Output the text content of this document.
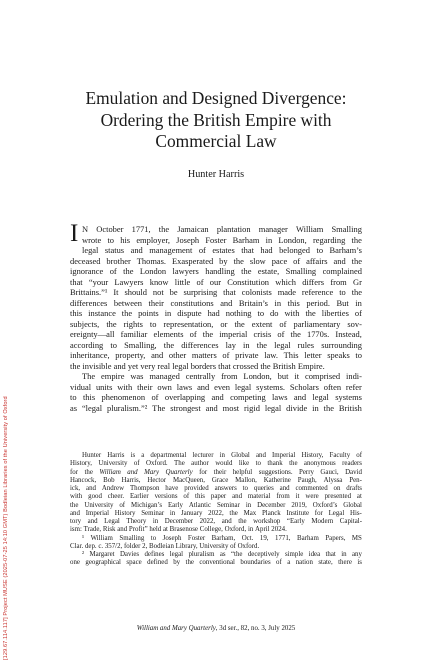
[129.67.114.117] Project MUSE (2025-07-25 14:10 GMT) Bodleian Libraries of the University of Oxford
Emulation and Designed Divergence:
Ordering the British Empire with
Commercial Law
Hunter Harris
I N October 1771, the Jamaican plantation manager William Smalling
wrote to his employer, Joseph Foster Barham in London, regarding the
legal status and management of estates that had belonged to Barham’s
deceased brother Thomas. Exasperated by the slow pace of affairs and the
ignorance of the London lawyers handling the estate, Smalling complained
that “your Lawyers know little of our Constitution which differs from Gr
Brittains.”¹ It should not be surprising that colonists made reference to the
differences between their constitutions and Britain’s in this period. But in
this instance the points in dispute had nothing to do with the liberties of
subjects, the rights to representation, or the extent of parliamentary sov-
ereignty—all familiar elements of the imperial crisis of the 1770s. Instead,
according to Smalling, the differences lay in the legal rules surrounding
inheritance, property, and other matters of private law. This letter speaks to
the invisible and yet very real legal borders that crossed the British Empire.
The empire was managed centrally from London, but it comprised indi-
vidual units with their own laws and even legal systems. Scholars often refer
to this phenomenon of overlapping and competing laws and legal systems
as “legal pluralism.”² The strongest and most rigid legal divide in the British
Hunter Harris is a departmental lecturer in Global and Imperial History, Faculty of
History, University of Oxford. The author would like to thank the anonymous readers
for the William and Mary Quarterly for their helpful suggestions. Perry Gauci, David
Hancock, Bob Harris, Hector MacQueen, Grace Mallon, Katherine Paugh, Alyssa Pen-
ick, and Andrew Thompson have provided answers to queries and commented on drafts
with good cheer. Earlier versions of this paper and material from it were presented at
the University of Michigan’s Early Atlantic Seminar in December 2019, Oxford’s Global
and Imperial History Seminar in January 2022, the Max Planck Institute for Legal His-
tory and Legal Theory in December 2022, and the workshop “Early Modern Capital-
ism: Trade, Risk and Profit” held at Brasenose College, Oxford, in April 2024.
¹ William Smalling to Joseph Foster Barham, Oct. 19, 1771, Barham Papers, MS
Clar. dep. c. 357/2, folder 2, Bodleian Library, University of Oxford.
² Margaret Davies defines legal pluralism as “the deceptively simple idea that in any
one geographical space defined by the conventional boundaries of a nation state, there is
William and Mary Quarterly, 3d ser., 82, no. 3, July 2025
